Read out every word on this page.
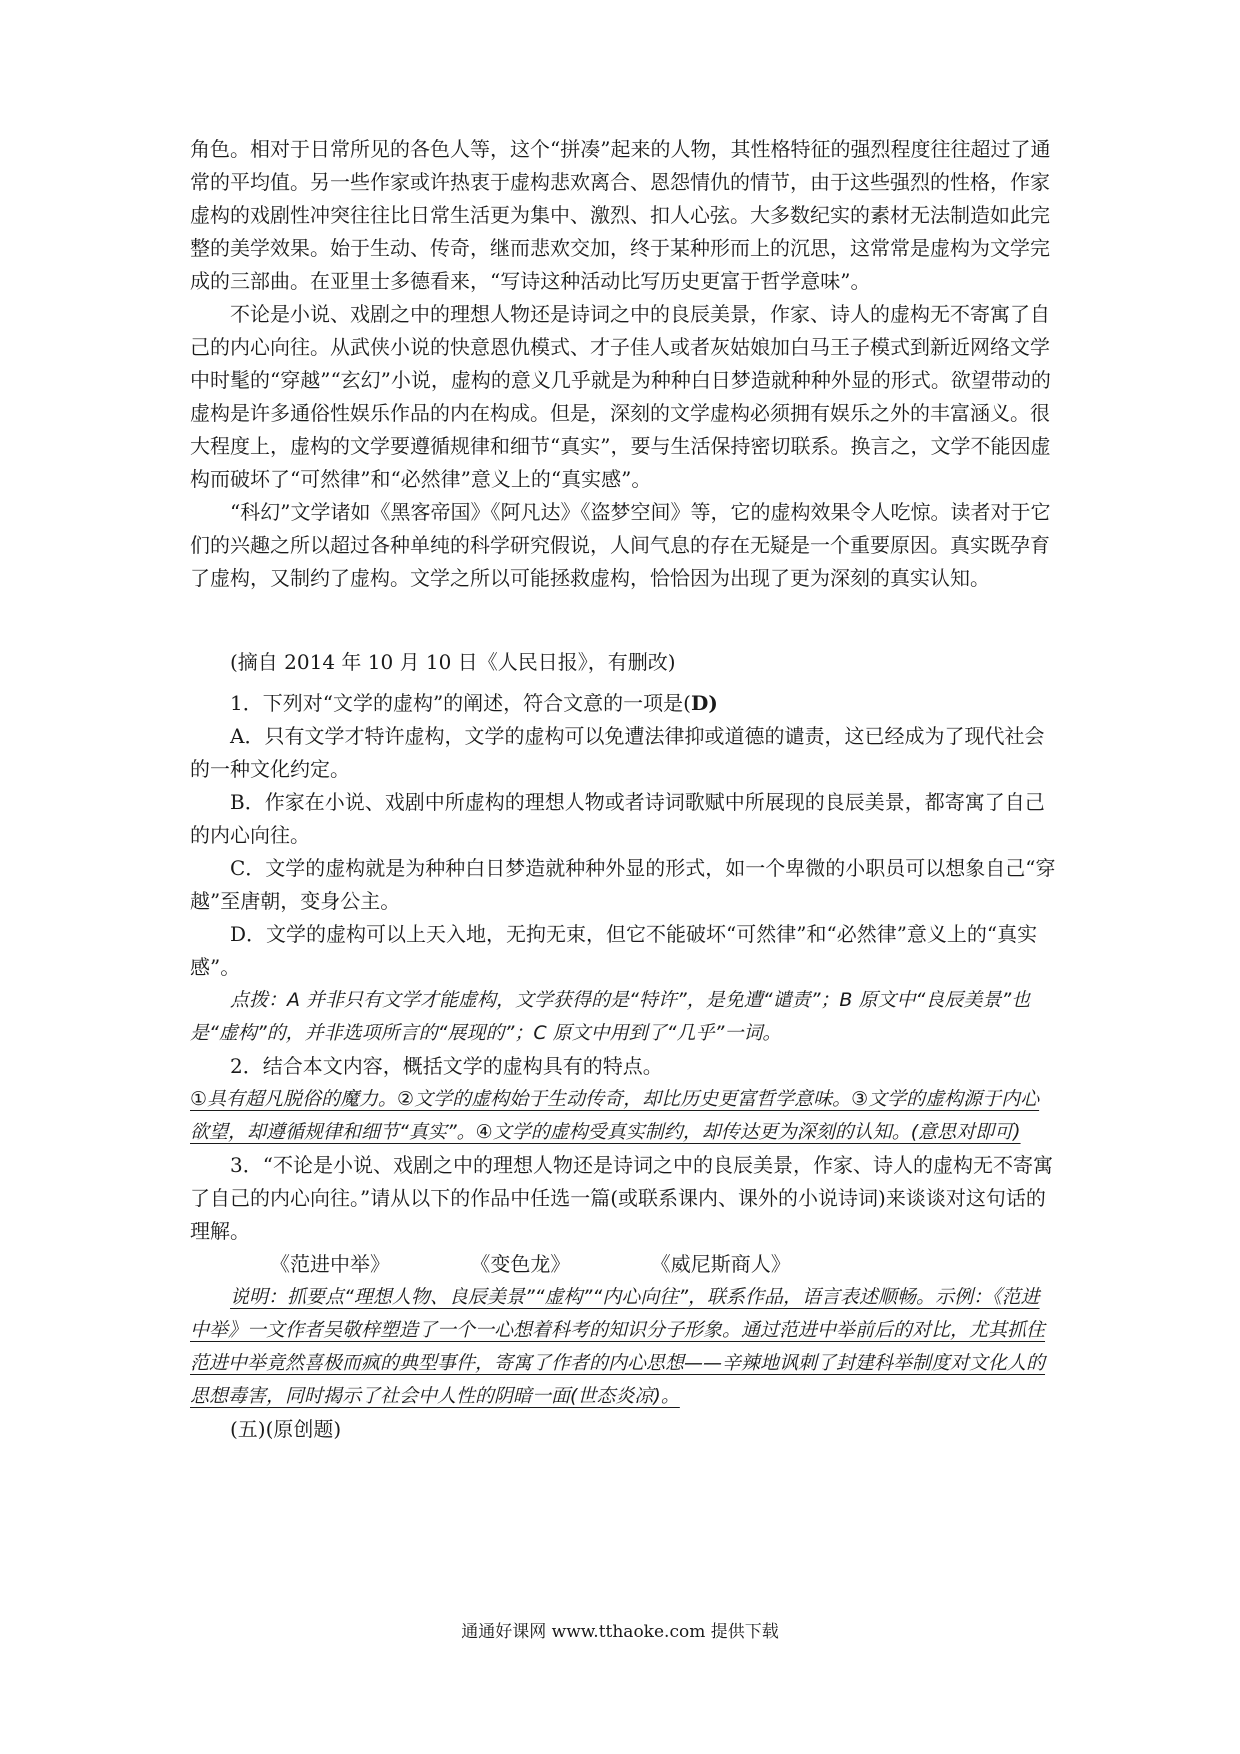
角色。相对于日常所见的各色人等，这个“拼凑”起来的人物，其性格特征的强烈程度往往超过了通常的平均值。另一些作家或许热衷于虚构悲欢离合、恩怨情仇的情节，由于这些强烈的性格，作家虚构的戏剧性冲突往往比日常生活更为集中、激烈、扣人心弦。大多数纪实的素材无法制造如此完整的美学效果。始于生动、传奇，继而悲欢交加，终于某种形而上的沉思，这常常是虚构为文学完成的三部曲。在亚里士多德看来，“写诗这种活动比写历史更富于哲学意味”。

不论是小说、戏剧之中的理想人物还是诗词之中的良辰美景，作家、诗人的虚构无不寄寓了自己的内心向往。从武侠小说的快意恩仇模式、才子佳人或者灰姑娘加白马王子模式到新近网络文学中时髦的“穿越”“玄幻”小说，虚构的意义几乎就是为种种白日梦造就种种外显的形式。欲望带动的虚构是许多通俗性娱乐作品的内在构成。但是，深刻的文学虚构必须拥有娱乐之外的丰富涵义。很大程度上，虚构的文学要遵循规律和细节“真实”，要与生活保持密切联系。换言之，文学不能因虚构而破坏了“可然律”和“必然律”意义上的“真实感”。

“科幻”文学诸如《黑客帝国》《阿凡达》《盗梦空间》等，它的虚构效果令人吃惊。读者对于它们的兴趣之所以超过各种单纯的科学研究假说，人间气息的存在无疑是一个重要原因。真实既孕育了虚构，又制约了虚构。文学之所以可能拯救虚构，恰恰因为出现了更为深刻的真实认知。

(摘自 2014 年 10 月 10 日《人民日报》，有删改)

1．下列对“文学的虚构”的阐述，符合文意的一项是(D)

A．只有文学才特许虚构，文学的虚构可以免遭法律抑或道德的谴责，这已经成为了现代社会的一种文化约定。

B．作家在小说、戏剧中所虚构的理想人物或者诗词歌赋中所展现的良辰美景，都寄寓了自己的内心向往。

C．文学的虚构就是为种种白日梦造就种种外显的形式，如一个卑微的小职员可以想象自己“穿越”至唐朝，变身公主。

D．文学的虚构可以上天入地，无拘无束，但它不能破坏“可然律”和“必然律”意义上的“真实感”。

点拨：A 并非只有文学才能虚构，文学获得的是“特许”，是免遭“谴责”；B 原文中“良辰美景”也是“虚构”的，并非选项所言的“展现的”；C 原文中用到了“几乎”一词。

2．结合本文内容，概括文学的虚构具有的特点。

①具有超凡脱俗的魔力。②文学的虚构始于生动传奇，却比历史更富哲学意味。③文学的虚构源于内心欲望，却遵循规律和细节“真实”。④文学的虚构受真实制约，却传达更为深刻的认知。(意思对即可)

3．“不论是小说、戏剧之中的理想人物还是诗词之中的良辰美景，作家、诗人的虚构无不寄寓了自己的内心向往。”请从以下的作品中任选一篇(或联系课内、课外的小说诗词)来谈谈对这句话的理解。

《范进中举》	《变色龙》	《威尼斯商人》

说明：抓要点“理想人物、良辰美景”“虚构”“内心向往”，联系作品，语言表述顺畅。示例：《范进中举》一文作者吴敬梓塑造了一个一心想着科考的知识分子形象。通过范进中举前后的对比，尤其抓住范进中举竟然喜极而疯的典型事件，寄寓了作者的内心思想——辛辣地讽刺了封建科举制度对文化人的思想毒害，同时揭示了社会中人性的阴暗一面(世态炎凉)。

(五)(原创题)

通通好课网 www.tthaoke.com 提供下载
